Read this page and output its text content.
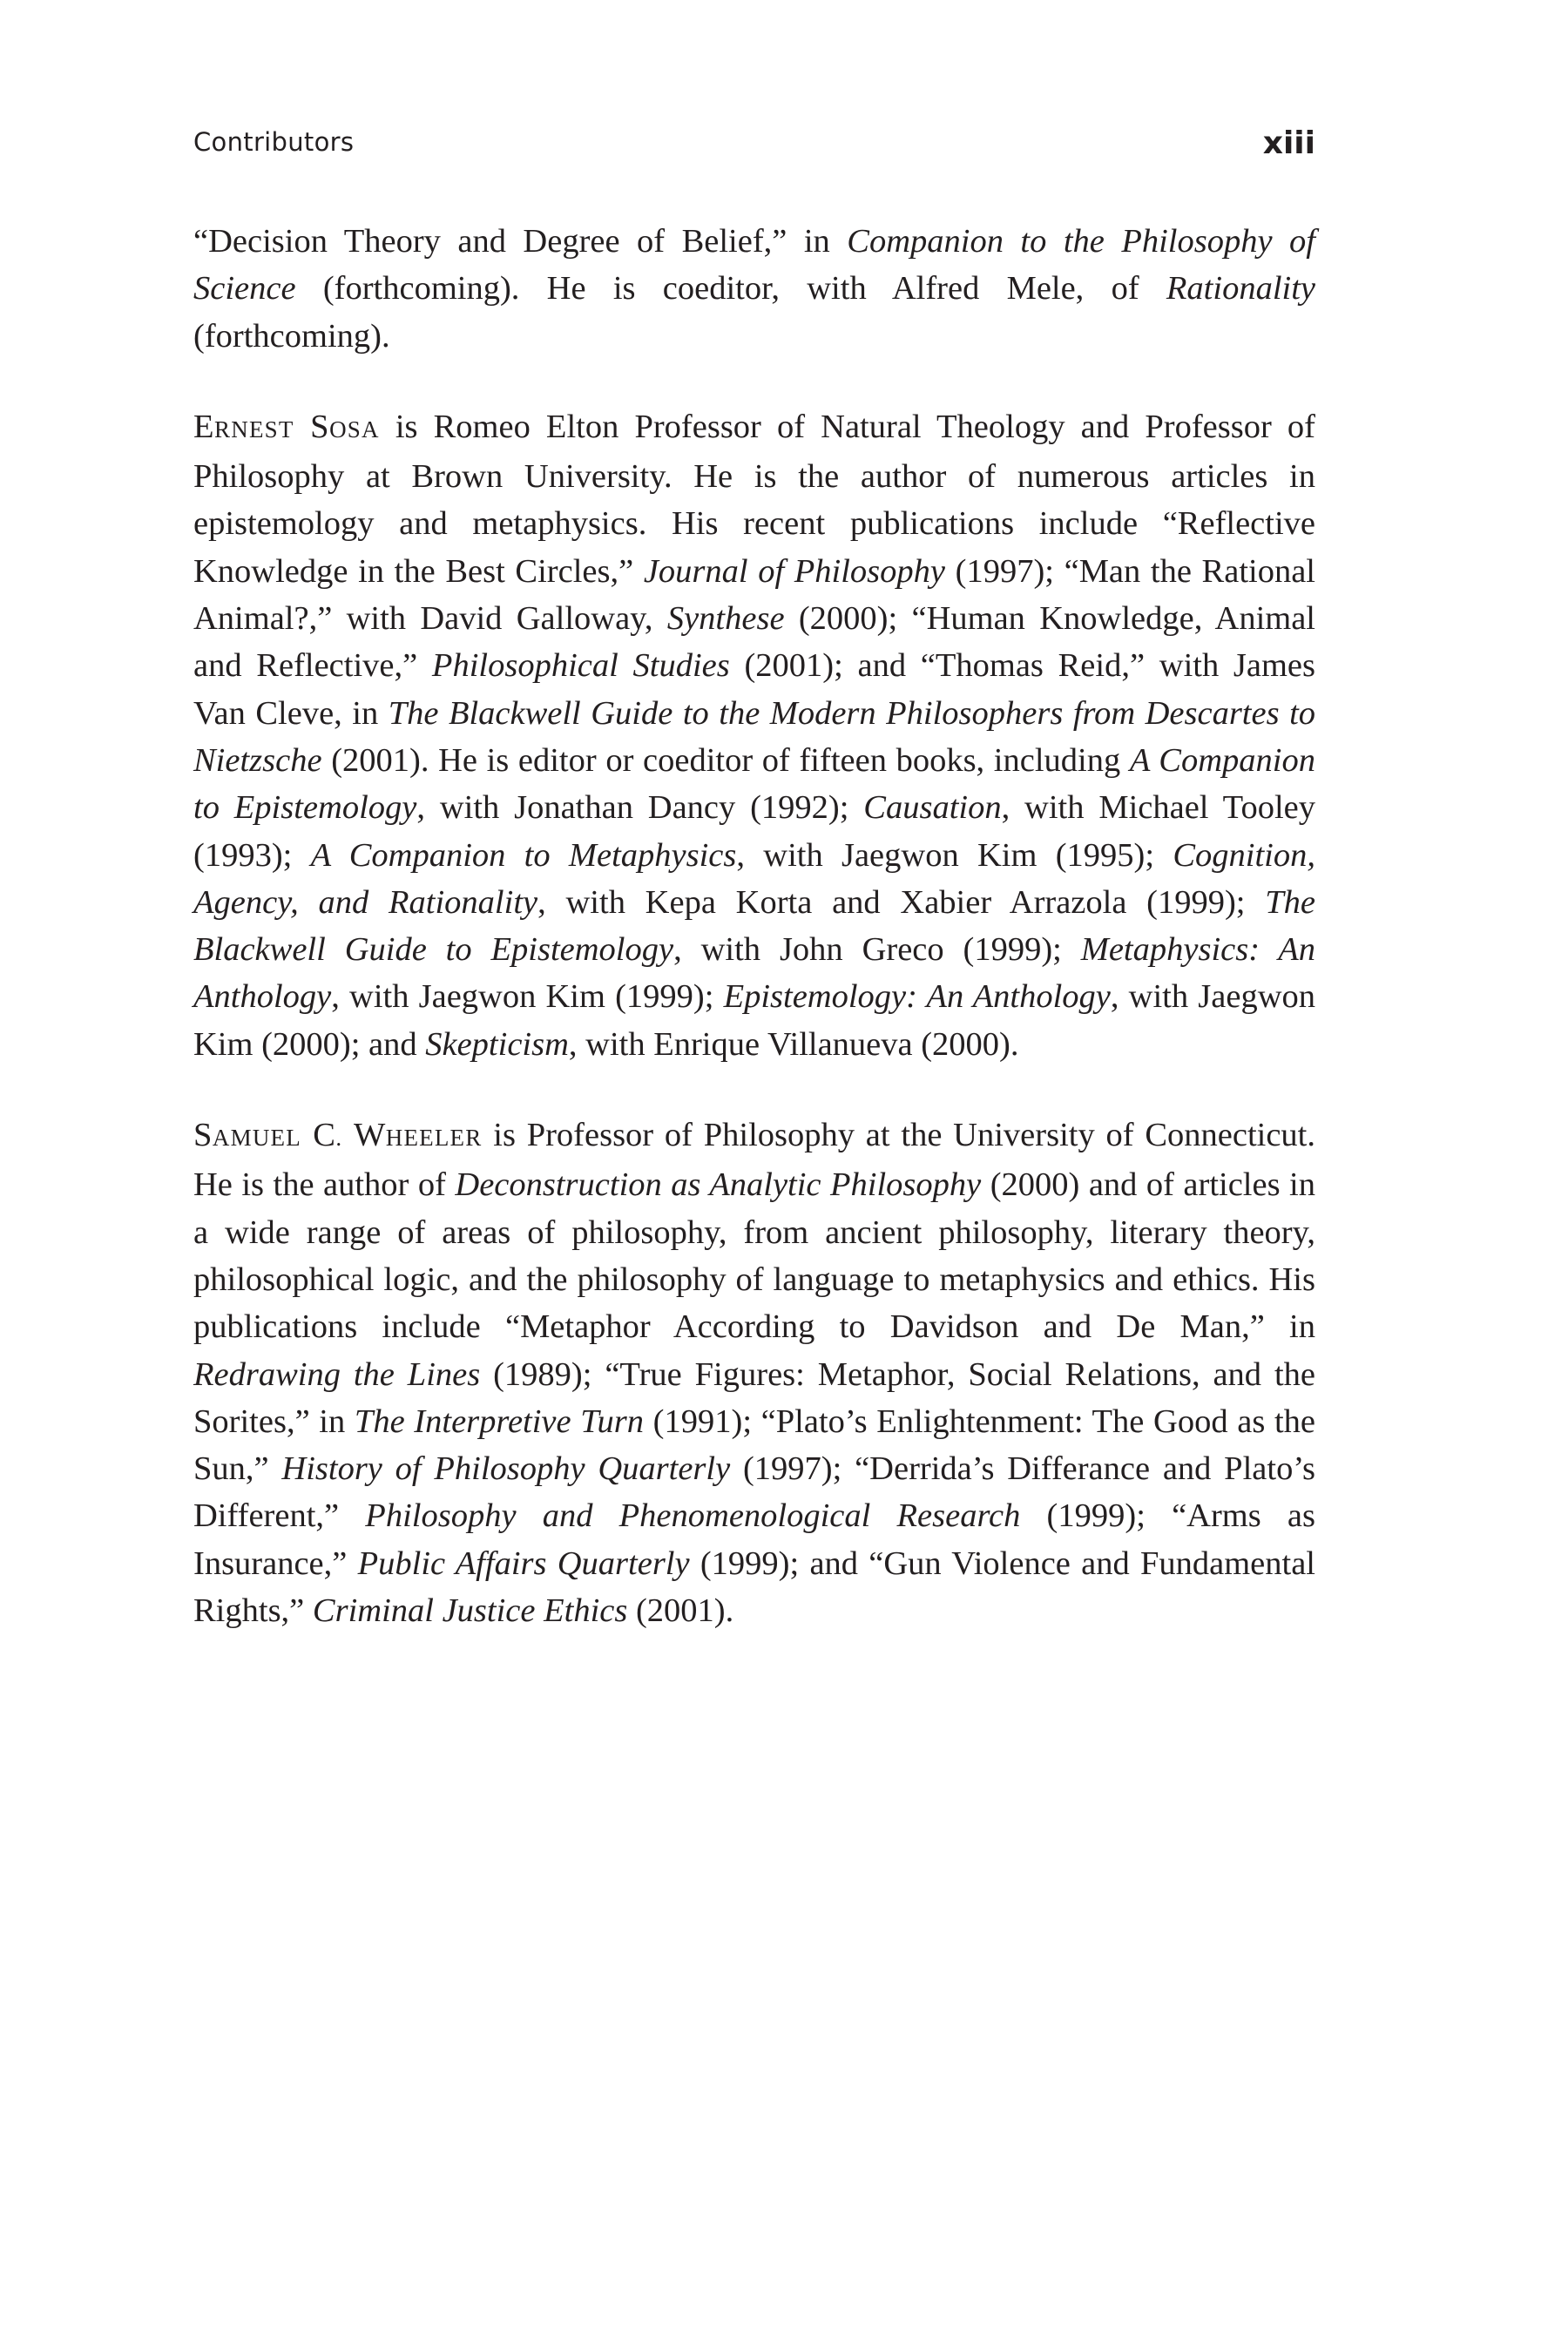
Contributors	xiii

“Decision Theory and Degree of Belief,” in Companion to the Philosophy of Science (forthcoming). He is coeditor, with Alfred Mele, of Rationality (forthcoming).

ERNEST SOSA is Romeo Elton Professor of Natural Theology and Professor of Philosophy at Brown University. He is the author of numerous articles in epistemology and metaphysics. His recent publications include “Reflective Knowledge in the Best Circles,” Journal of Philosophy (1997); “Man the Rational Animal?,” with David Galloway, Synthese (2000); “Human Knowledge, Animal and Reflective,” Philosophical Studies (2001); and “Thomas Reid,” with James Van Cleve, in The Blackwell Guide to the Modern Philosophers from Descartes to Nietzsche (2001). He is editor or coeditor of fifteen books, including A Companion to Epistemology, with Jonathan Dancy (1992); Causation, with Michael Tooley (1993); A Companion to Metaphysics, with Jaegwon Kim (1995); Cognition, Agency, and Rationality, with Kepa Korta and Xabier Arrazola (1999); The Blackwell Guide to Epistemology, with John Greco (1999); Metaphysics: An Anthology, with Jaegwon Kim (1999); Epistemology: An Anthology, with Jaegwon Kim (2000); and Skepticism, with Enrique Villanueva (2000).

SAMUEL C. WHEELER is Professor of Philosophy at the University of Connecticut. He is the author of Deconstruction as Analytic Philosophy (2000) and of articles in a wide range of areas of philosophy, from ancient philosophy, literary theory, philosophical logic, and the philosophy of language to metaphysics and ethics. His publications include “Metaphor According to Davidson and De Man,” in Redrawing the Lines (1989); “True Figures: Metaphor, Social Relations, and the Sorites,” in The Interpretive Turn (1991); “Plato’s Enlightenment: The Good as the Sun,” History of Philosophy Quarterly (1997); “Derrida’s Differance and Plato’s Different,” Philosophy and Phenomenological Research (1999); “Arms as Insurance,” Public Affairs Quarterly (1999); and “Gun Violence and Fundamental Rights,” Criminal Justice Ethics (2001).
